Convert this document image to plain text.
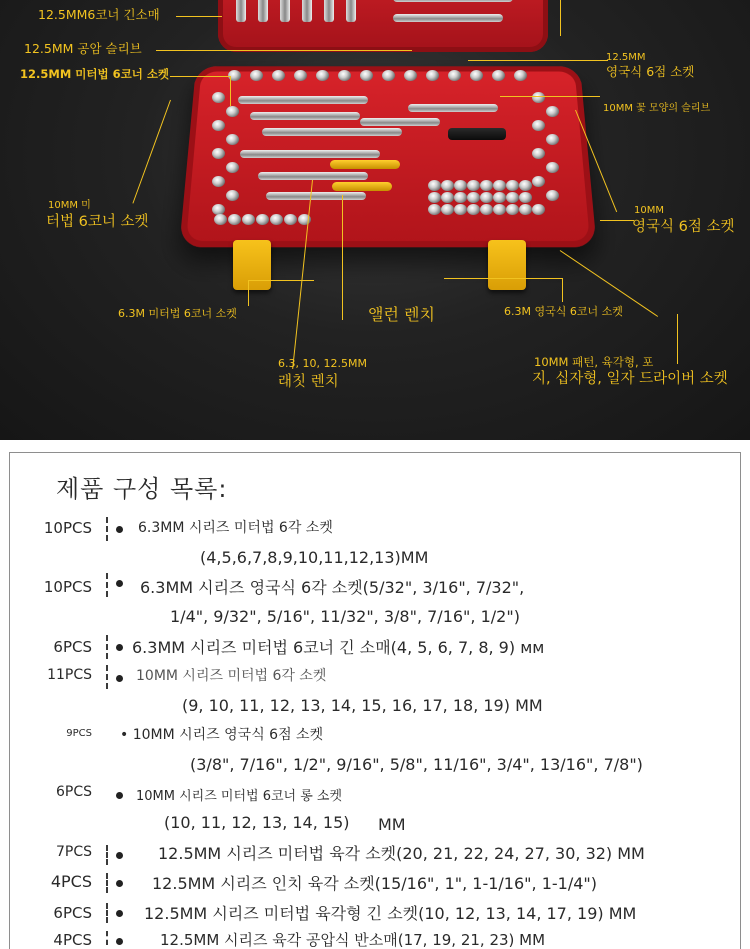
12.5MM6코너 긴소매
12.5MM 공암 슬리브
12.5MM 미터법 6코너 소켓
12.5MM
영국식 6점 소켓
10MM 꽃 모양의 슬리브
10MM 미
터법 6코너 소켓
10MM
영국식 6점 소켓
6.3M 미터법 6코너 소켓	앨런 렌치	6.3M 영국식 6코너 소켓
6.3, 10, 12.5MM
래칫 렌치
10MM 패턴, 육각형, 포
지, 십자형, 일자 드라이버 소켓
제품 구성 목록:
10PCS	6.3MM 시리즈 미터법 6각 소켓
(4,5,6,7,8,9,10,11,12,13)MM
10PCS	6.3MM 시리즈 영국식 6각 소켓(5/32", 3/16", 7/32",
1/4", 9/32", 5/16", 11/32", 3/8", 7/16", 1/2")
6PCS	6.3MM 시리즈 미터법 6코너 긴 소매(4, 5, 6, 7, 8, 9) мм
11PCS	10MM 시리즈 미터법 6각 소켓
(9, 10, 11, 12, 13, 14, 15, 16, 17, 18, 19) MM
9PCS • 10MM 시리즈 영국식 6점 소켓
(3/8", 7/16", 1/2", 9/16", 5/8", 11/16", 3/4", 13/16", 7/8")
6PCS	10MM 시리즈 미터법 6코너 롱 소켓
(10, 11, 12, 13, 14, 15) MM
7PCS	12.5MM 시리즈 미터법 육각 소켓(20, 21, 22, 24, 27, 30, 32) MM
4PCS	12.5MM 시리즈 인치 육각 소켓(15/16", 1", 1-1/16", 1-1/4")
6PCS	12.5MM 시리즈 미터법 육각형 긴 소켓(10, 12, 13, 14, 17, 19) MM
4PCS	12.5MM 시리즈 육각 공압식 반소매(17, 19, 21, 23) MM
